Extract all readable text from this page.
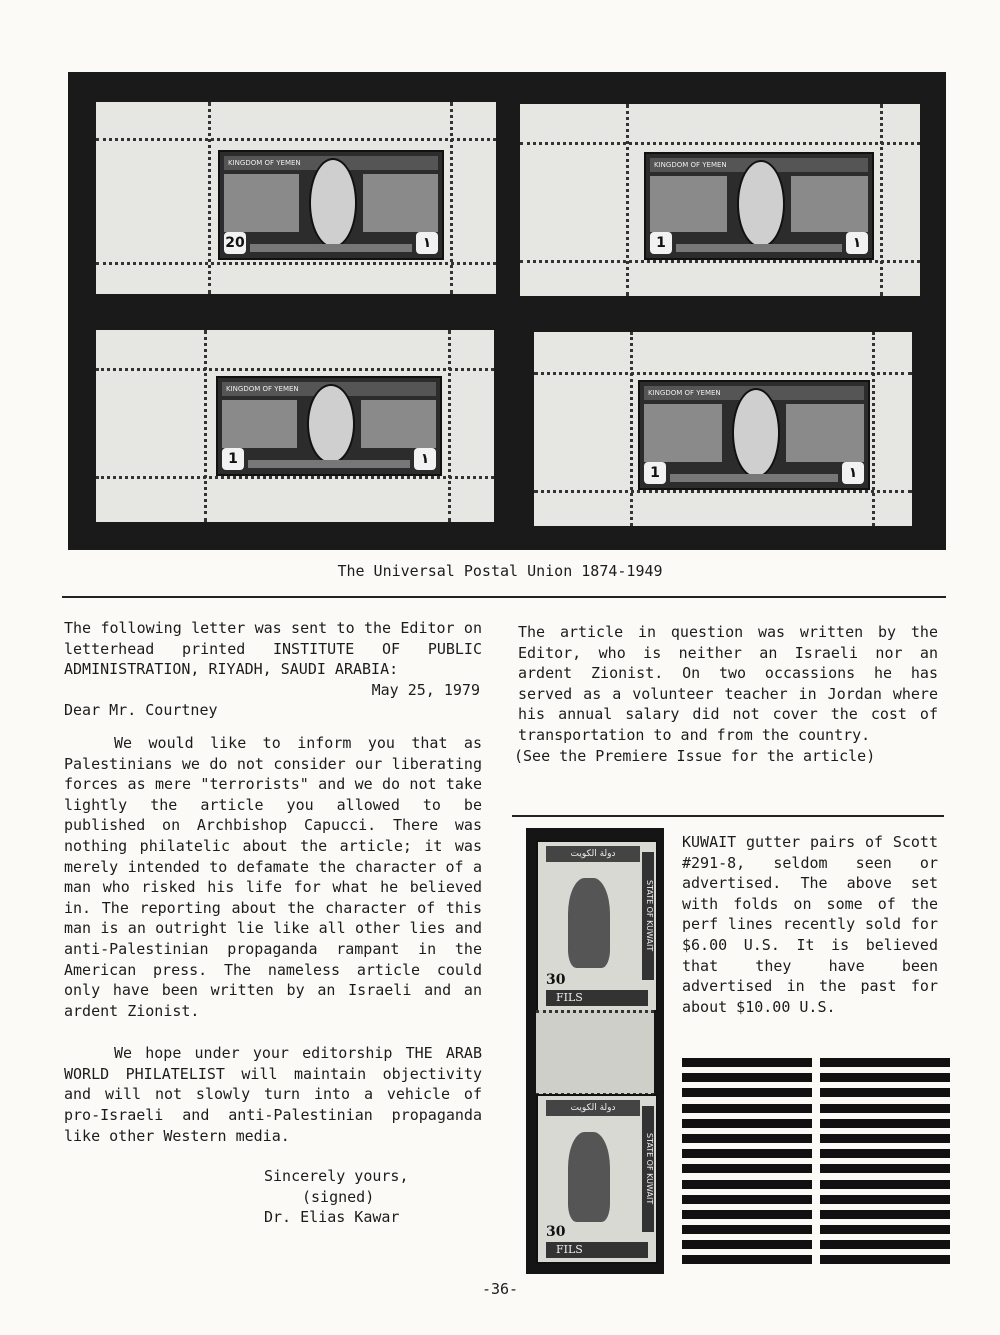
KINGDOM OF YEMEN
20	١
KINGDOM OF YEMEN
1	١
KINGDOM OF YEMEN
1	١
KINGDOM OF YEMEN
1	١
The Universal Postal Union 1874-1949

The following letter was sent to the Editor on letterhead printed INSTITUTE OF PUBLIC ADMINISTRATION, RIYADH, SAUDI ARABIA:

May 25, 1979

Dear Mr. Courtney

We would like to inform you that as Palestinians we do not consider our liberating forces as mere "terrorists" and we do not take lightly the article you allowed to be published on Archbishop Capucci. There was nothing philatelic about the article; it was merely intended to defamate the character of a man who risked his life for what he believed in. The reporting about the character of this man is an outright lie like all other lies and anti-Palestinian propaganda rampant in the American press. The nameless article could only have been written by an Israeli and an ardent Zionist.

We hope under your editorship THE ARAB WORLD PHILATELIST will maintain objectivity and will not slowly turn into a vehicle of pro-Israeli and anti-Palestinian propaganda like other Western media.

Sincerely yours,
(signed)
Dr. Elias Kawar

The article in question was written by the Editor, who is neither an Israeli nor an ardent Zionist. On two occassions he has served as a volunteer teacher in Jordan where his annual salary did not cover the cost of transportation to and from the country.

(See the Premiere Issue for the article)

دولة الكويت
STATE OF KUWAIT
30
FILS
دولة الكويت
STATE OF KUWAIT
30
FILS

KUWAIT gutter pairs of Scott #291-8, seldom seen or advertised. The above set with folds on some of the perf lines recently sold for $6.00 U.S. It is believed that they have been advertised in the past for about $10.00 U.S.

-36-
